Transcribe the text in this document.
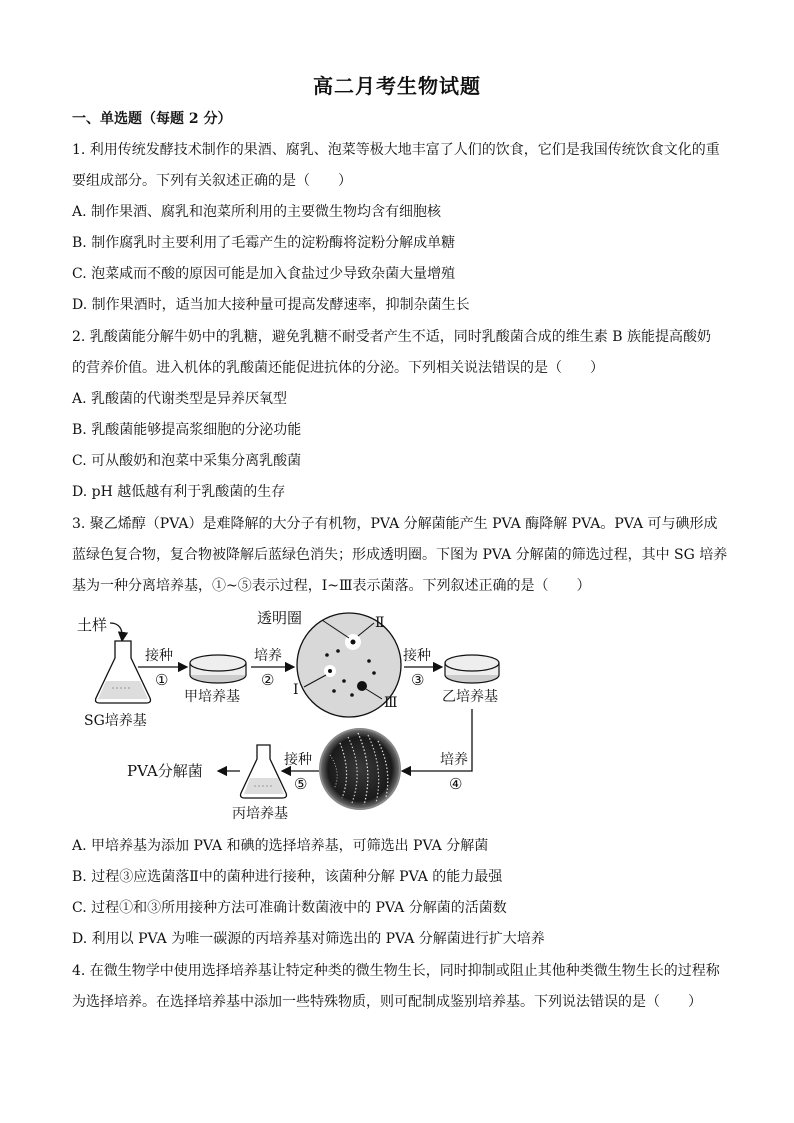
高二月考生物试题
一、单选题（每题 2 分）
1. 利用传统发酵技术制作的果酒、腐乳、泡菜等极大地丰富了人们的饮食，它们是我国传统饮食文化的重
要组成部分。下列有关叙述正确的是（　　）
A. 制作果酒、腐乳和泡菜所利用的主要微生物均含有细胞核
B. 制作腐乳时主要利用了毛霉产生的淀粉酶将淀粉分解成单糖
C. 泡菜咸而不酸的原因可能是加入食盐过少导致杂菌大量增殖
D. 制作果酒时，适当加大接种量可提高发酵速率，抑制杂菌生长
2. 乳酸菌能分解牛奶中的乳糖，避免乳糖不耐受者产生不适，同时乳酸菌合成的维生素 B 族能提高酸奶
的营养价值。进入机体的乳酸菌还能促进抗体的分泌。下列相关说法错误的是（　　）
A. 乳酸菌的代谢类型是异养厌氧型
B. 乳酸菌能够提高浆细胞的分泌功能
C. 可从酸奶和泡菜中采集分离乳酸菌
D. pH 越低越有利于乳酸菌的生存
3. 聚乙烯醇（PVA）是难降解的大分子有机物，PVA 分解菌能产生 PVA 酶降解 PVA。PVA 可与碘形成
蓝绿色复合物，复合物被降解后蓝绿色消失；形成透明圈。下图为 PVA 分解菌的筛选过程，其中 SG 培养
基为一种分离培养基，①~⑤表示过程，I~Ⅲ表示菌落。下列叙述正确的是（　　）
土样
SG培养基
接种
①
甲培养基
培养
②
透明圈	Ⅱ
Ⅰ
Ⅲ
接种
③
乙培养基
培养
④
接种
⑤
丙培养基
PVA分解菌
A. 甲培养基为添加 PVA 和碘的选择培养基，可筛选出 PVA 分解菌
B. 过程③应选菌落Ⅱ中的菌种进行接种，该菌种分解 PVA 的能力最强
C. 过程①和③所用接种方法可准确计数菌液中的 PVA 分解菌的活菌数
D. 利用以 PVA 为唯一碳源的丙培养基对筛选出的 PVA 分解菌进行扩大培养
4. 在微生物学中使用选择培养基让特定种类的微生物生长，同时抑制或阻止其他种类微生物生长的过程称
为选择培养。在选择培养基中添加一些特殊物质，则可配制成鉴别培养基。下列说法错误的是（　　）
